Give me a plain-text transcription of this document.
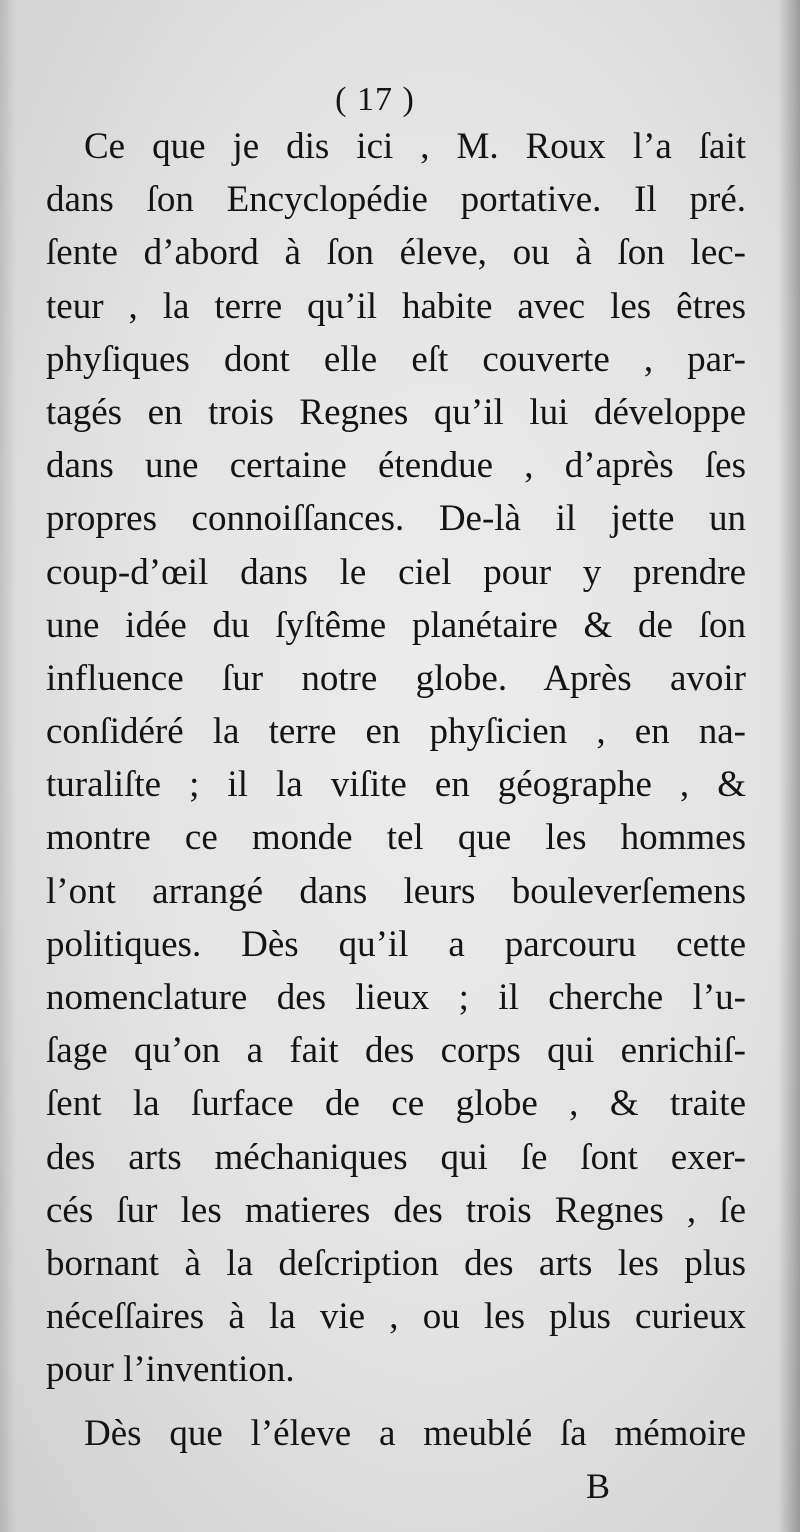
( 17 )
Ce que je dis ici , M. Roux l’a ſait
dans ſon Encyclopédie portative. Il pré.
ſente d’abord à ſon éleve, ou à ſon lec-
teur , la terre qu’il habite avec les êtres
phyſiques dont elle eſt couverte , par-
tagés en trois Regnes qu’il lui développe
dans une certaine étendue , d’après ſes
propres connoiſſances. De-là il jette un
coup-d’œil dans le ciel pour y prendre
une idée du ſyſtême planétaire & de ſon
influence ſur notre globe. Après avoir
conſidéré la terre en phyſicien , en na-
turaliſte ; il la viſite en géographe , &
montre ce monde tel que les hommes
l’ont arrangé dans leurs bouleverſemens
politiques. Dès qu’il a parcouru cette
nomenclature des lieux ; il cherche l’u-
ſage qu’on a fait des corps qui enrichiſ-
ſent la ſurface de ce globe , & traite
des arts méchaniques qui ſe ſont exer-
cés ſur les matieres des trois Regnes , ſe
bornant à la deſcription des arts les plus
néceſſaires à la vie , ou les plus curieux
pour l’invention.
Dès que l’éleve a meublé ſa mémoire
B
